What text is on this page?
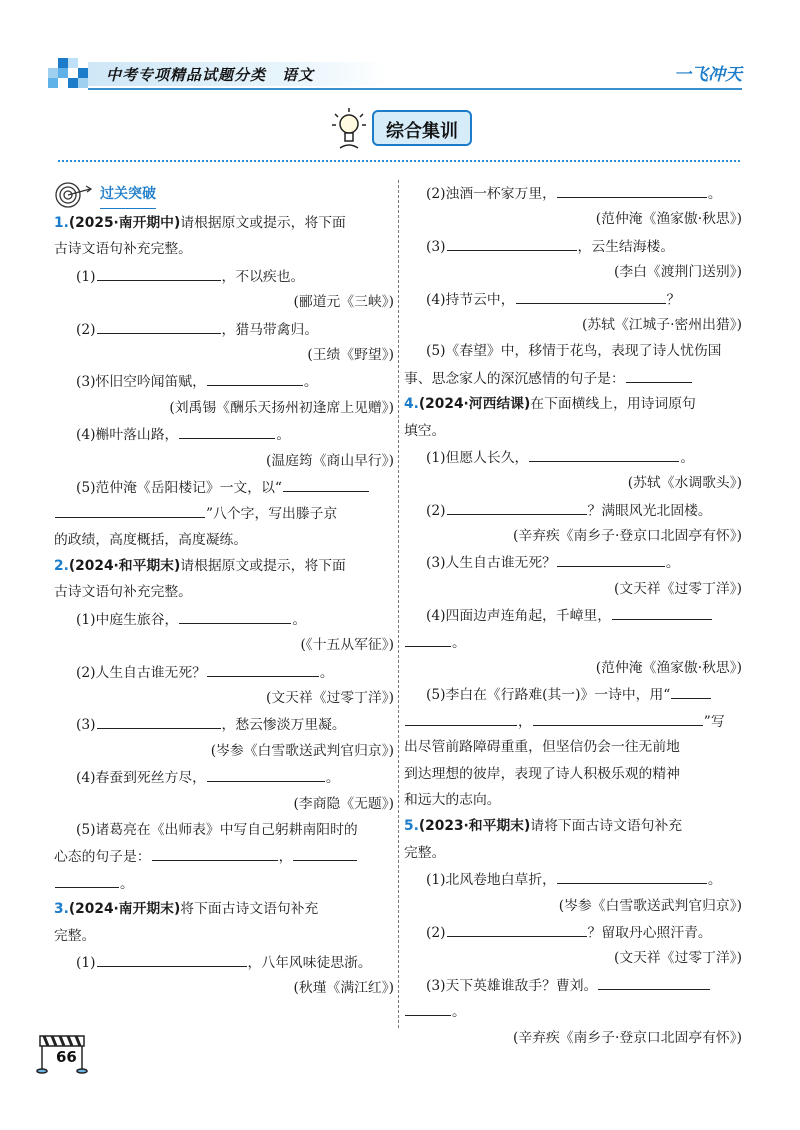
中考专项精品试题分类　语文	一飞冲天
综合集训
过关突破
1.(2025·南开期中)请根据原文或提示，将下面
古诗文语句补充完整。
(1)	，不以疾也。
(郦道元《三峡》)
(2)	，猎马带禽归。
(王绩《野望》)
(3)怀旧空吟闻笛赋，	。
(刘禹锡《酬乐天扬州初逢席上见赠》)
(4)槲叶落山路，	。
(温庭筠《商山早行》)
(5)范仲淹《岳阳楼记》一文，以“
”八个字，写出滕子京
的政绩，高度概括，高度凝练。
2.(2024·和平期末)请根据原文或提示，将下面
古诗文语句补充完整。
(1)中庭生旅谷，	。
(《十五从军征》)
(2)人生自古谁无死？	。
(文天祥《过零丁洋》)
(3)	，愁云惨淡万里凝。
(岑参《白雪歌送武判官归京》)
(4)春蚕到死丝方尽，	。
(李商隐《无题》)
(5)诸葛亮在《出师表》中写自己躬耕南阳时的
心态的句子是：	，
。
3.(2024·南开期末)将下面古诗文语句补充
完整。
(1)	，八年风味徒思浙。
(秋瑾《满江红》)
(2)浊酒一杯家万里，	。
(范仲淹《渔家傲·秋思》)
(3)	，云生结海楼。
(李白《渡荆门送别》)
(4)持节云中，	？
(苏轼《江城子·密州出猎》)
(5)《春望》中，移情于花鸟，表现了诗人忧伤国
事、思念家人的深沉感情的句子是：
4.(2024·河西结课)在下面横线上，用诗词原句
填空。
(1)但愿人长久，	。
(苏轼《水调歌头》)
(2)	？满眼风光北固楼。
(辛弃疾《南乡子·登京口北固亭有怀》)
(3)人生自古谁无死？	。
(文天祥《过零丁洋》)
(4)四面边声连角起，千嶂里，
。
(范仲淹《渔家傲·秋思》)
(5)李白在《行路难(其一)》一诗中，用“
，	”写
出尽管前路障碍重重，但坚信仍会一往无前地
到达理想的彼岸，表现了诗人积极乐观的精神
和远大的志向。
5.(2023·和平期末)请将下面古诗文语句补充
完整。
(1)北风卷地白草折，	。
(岑参《白雪歌送武判官归京》)
(2)	？留取丹心照汗青。
(文天祥《过零丁洋》)
(3)天下英雄谁敌手？曹刘。
。
(辛弃疾《南乡子·登京口北固亭有怀》)
66
